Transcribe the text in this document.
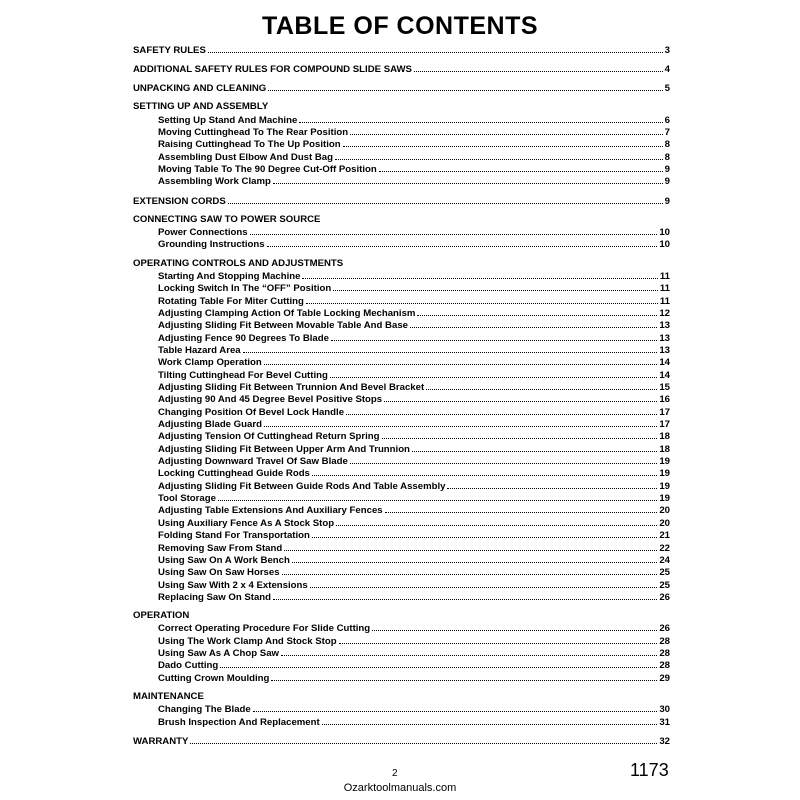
TABLE OF CONTENTS
SAFETY RULES	3
ADDITIONAL SAFETY RULES FOR COMPOUND SLIDE SAWS	4
UNPACKING AND CLEANING	5
SETTING UP AND ASSEMBLY
Setting Up Stand And Machine	6
Moving Cuttinghead To The Rear Position	7
Raising Cuttinghead To The Up Position	8
Assembling Dust Elbow And Dust Bag	8
Moving Table To The 90 Degree Cut-Off Position	9
Assembling Work Clamp	9
EXTENSION CORDS	9
CONNECTING SAW TO POWER SOURCE
Power Connections	10
Grounding Instructions	10
OPERATING CONTROLS AND ADJUSTMENTS
Starting And Stopping Machine	11
Locking Switch In The “OFF” Position	11
Rotating Table For Miter Cutting	11
Adjusting Clamping Action Of Table Locking Mechanism	12
Adjusting Sliding Fit Between Movable Table And Base	13
Adjusting Fence 90 Degrees To Blade	13
Table Hazard Area	13
Work Clamp Operation	14
Tilting Cuttinghead For Bevel Cutting	14
Adjusting Sliding Fit Between Trunnion And Bevel Bracket	15
Adjusting 90 And 45 Degree Bevel Positive Stops	16
Changing Position Of Bevel Lock Handle	17
Adjusting Blade Guard	17
Adjusting Tension Of Cuttinghead Return Spring	18
Adjusting Sliding Fit Between Upper Arm And Trunnion	18
Adjusting Downward Travel Of Saw Blade	19
Locking Cuttinghead Guide Rods	19
Adjusting Sliding Fit Between Guide Rods And Table Assembly	19
Tool Storage	19
Adjusting Table Extensions And Auxiliary Fences	20
Using Auxiliary Fence As A Stock Stop	20
Folding Stand For Transportation	21
Removing Saw From Stand	22
Using Saw On A Work Bench	24
Using Saw On Saw Horses	25
Using Saw With 2 x 4 Extensions	25
Replacing Saw On Stand	26
OPERATION
Correct Operating Procedure For Slide Cutting	26
Using The Work Clamp And Stock Stop	28
Using Saw As A Chop Saw	28
Dado Cutting	28
Cutting Crown Moulding	29
MAINTENANCE
Changing The Blade	30
Brush Inspection And Replacement	31
WARRANTY	32
2	1173
Ozarktoolmanuals.com
